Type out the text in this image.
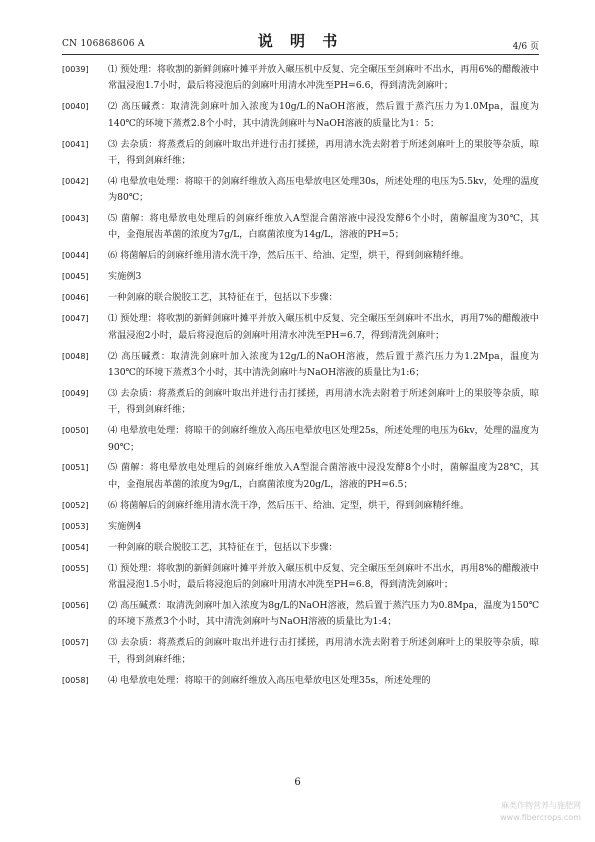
CN 106868606 A	说 明 书	4/6 页
[0039]	⑴ 预处理：将收割的新鲜剑麻叶摊平并放入碾压机中反复、完全碾压至剑麻叶不出水，再用6%的醋酸液中常温浸泡1.7小时，最后将浸泡后的剑麻叶用清水冲洗至PH=6.6，得到清洗剑麻叶；
[0040]	⑵ 高压碱煮：取清洗剑麻叶加入浓度为10g/L的NaOH溶液，然后置于蒸汽压力为1.0Mpa，温度为140℃的环境下蒸煮2.8个小时，其中清洗剑麻叶与NaOH溶液的质量比为1：5；
[0041]	⑶ 去杂质：将蒸煮后的剑麻叶取出并进行击打揉搓，再用清水洗去附着于所述剑麻叶上的果胶等杂质，晾干，得到剑麻纤维；
[0042]	⑷ 电晕放电处理：将晾干的剑麻纤维放入高压电晕放电区处理30s，所述处理的电压为5.5kv，处理的温度为80℃；
[0043]	⑸ 菌解：将电晕放电处理后的剑麻纤维放入A型混合菌溶液中浸没发酵6个小时，菌解温度为30℃，其中，金孢展齿革菌的浓度为7g/L，白腐菌浓度为14g/L，溶液的PH=5；
[0044]	⑹ 将菌解后的剑麻纤维用清水洗干净，然后压干、给油、定型，烘干，得到剑麻精纤维。
[0045]	实施例3
[0046]	一种剑麻的联合脱胶工艺，其特征在于，包括以下步骤：
[0047]	⑴ 预处理：将收割的新鲜剑麻叶摊平并放入碾压机中反复、完全碾压至剑麻叶不出水，再用7%的醋酸液中常温浸泡2小时，最后将浸泡后的剑麻叶用清水冲洗至PH=6.7，得到清洗剑麻叶；
[0048]	⑵ 高压碱煮：取清洗剑麻叶加入浓度为12g/L的NaOH溶液，然后置于蒸汽压力为1.2Mpa，温度为130℃的环境下蒸煮3个小时，其中清洗剑麻叶与NaOH溶液的质量比为1:6；
[0049]	⑶ 去杂质：将蒸煮后的剑麻叶取出并进行击打揉搓，再用清水洗去附着于所述剑麻叶上的果胶等杂质，晾干，得到剑麻纤维；
[0050]	⑷ 电晕放电处理：将晾干的剑麻纤维放入高压电晕放电区处理25s，所述处理的电压为6kv，处理的温度为90℃；
[0051]	⑸ 菌解：将电晕放电处理后的剑麻纤维放入A型混合菌溶液中浸没发酵8个小时，菌解温度为28℃，其中，金孢展齿革菌的浓度为9g/L，白腐菌浓度为20g/L，溶液的PH=6.5；
[0052]	⑹ 将菌解后的剑麻纤维用清水洗干净，然后压干、给油、定型，烘干，得到剑麻精纤维。
[0053]	实施例4
[0054]	一种剑麻的联合脱胶工艺，其特征在于，包括以下步骤：
[0055]	⑴ 预处理：将收割的新鲜剑麻叶摊平并放入碾压机中反复、完全碾压至剑麻叶不出水，再用8%的醋酸液中常温浸泡1.5小时，最后将浸泡后的剑麻叶用清水冲洗至PH=6.8，得到清洗剑麻叶；
[0056]	⑵ 高压碱煮：取清洗剑麻叶加入浓度为8g/L的NaOH溶液，然后置于蒸汽压力为0.8Mpa，温度为150℃的环境下蒸煮3个小时，其中清洗剑麻叶与NaOH溶液的质量比为1:4；
[0057]	⑶ 去杂质：将蒸煮后的剑麻叶取出并进行击打揉搓，再用清水洗去附着于所述剑麻叶上的果胶等杂质，晾干，得到剑麻纤维；
[0058]	⑷ 电晕放电处理：将晾干的剑麻纤维放入高压电晕放电区处理35s，所述处理的
6
麻类作物营养与施肥网
www.fibercrops.com
